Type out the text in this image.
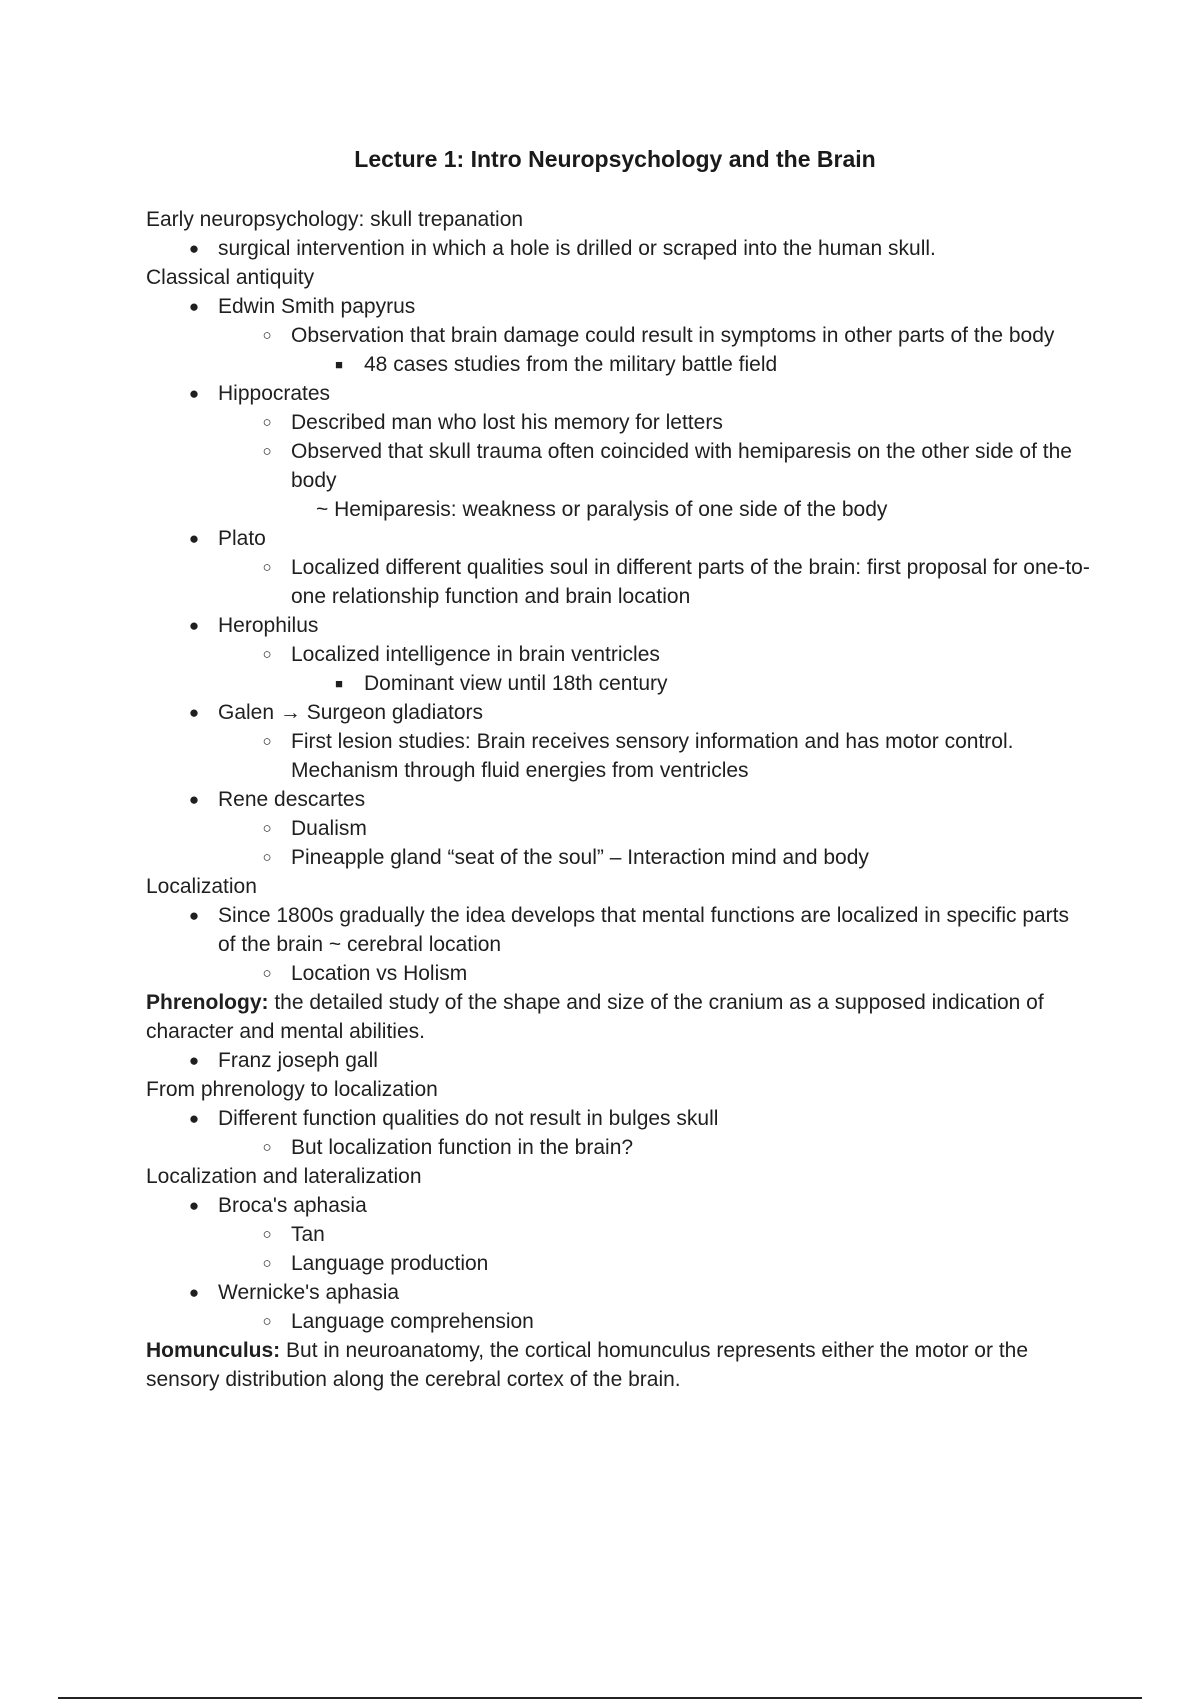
Lecture 1: Intro Neuropsychology and the Brain
Early neuropsychology: skull trepanation
● surgical intervention in which a hole is drilled or scraped into the human skull.
Classical antiquity
● Edwin Smith papyrus
○ Observation that brain damage could result in symptoms in other parts of the body
■ 48 cases studies from the military battle field
● Hippocrates
○ Described man who lost his memory for letters
○ Observed that skull trauma often coincided with hemiparesis on the other side of the body
~ Hemiparesis: weakness or paralysis of one side of the body
● Plato
○ Localized different qualities soul in different parts of the brain: first proposal for one-to-one relationship function and brain location
● Herophilus
○ Localized intelligence in brain ventricles
■ Dominant view until 18th century
● Galen → Surgeon gladiators
○ First lesion studies: Brain receives sensory information and has motor control. Mechanism through fluid energies from ventricles
● Rene descartes
○ Dualism
○ Pineapple gland “seat of the soul” – Interaction mind and body
Localization
● Since 1800s gradually the idea develops that mental functions are localized in specific parts of the brain ~ cerebral location
○ Location vs Holism
Phrenology: the detailed study of the shape and size of the cranium as a supposed indication of character and mental abilities.
● Franz joseph gall
From phrenology to localization
● Different function qualities do not result in bulges skull
○ But localization function in the brain?
Localization and lateralization
● Broca's aphasia
○ Tan
○ Language production
● Wernicke's aphasia
○ Language comprehension
Homunculus: But in neuroanatomy, the cortical homunculus represents either the motor or the sensory distribution along the cerebral cortex of the brain.
